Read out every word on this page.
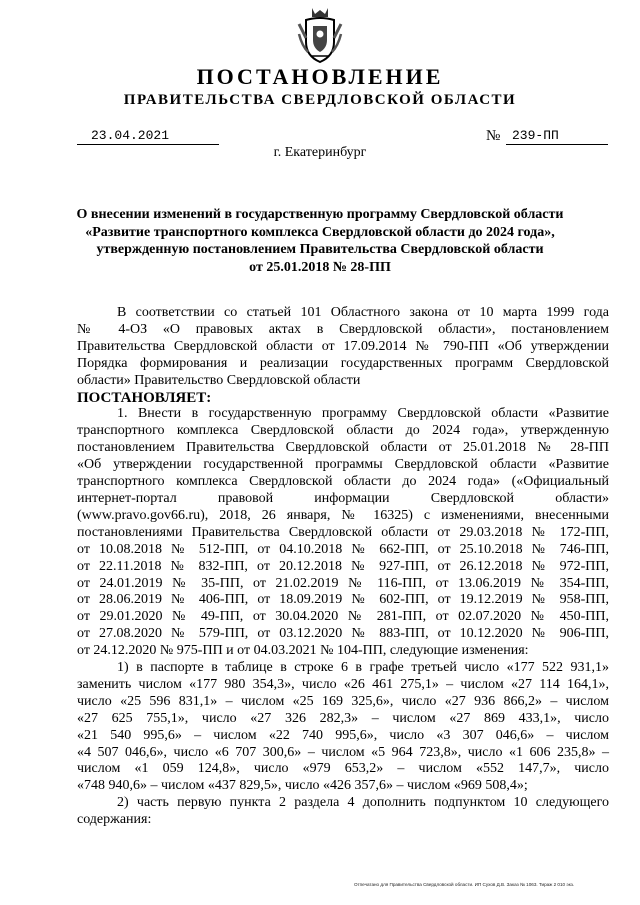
ПОСТАНОВЛЕНИЕ
ПРАВИТЕЛЬСТВА СВЕРДЛОВСКОЙ ОБЛАСТИ
23.04.2021	№ 239-ПП
г. Екатеринбург
О внесении изменений в государственную программу Свердловской области
«Развитие транспортного комплекса Свердловской области до 2024 года»,
утвержденную постановлением Правительства Свердловской области
от 25.01.2018 № 28-ПП

В соответствии со статьей 101 Областного закона от 10 марта 1999 года

№ 4-ОЗ «О правовых актах в Свердловской области», постановлением

Правительства Свердловской области от 17.09.2014 № 790-ПП «Об утверждении

Порядка формирования и реализации государственных программ Свердловской

области» Правительство Свердловской области

ПОСТАНОВЛЯЕТ:

1. Внести в государственную программу Свердловской области «Развитие

транспортного комплекса Свердловской области до 2024 года», утвержденную

постановлением Правительства Свердловской области от 25.01.2018 № 28-ПП

«Об утверждении государственной программы Свердловской области «Развитие

транспортного комплекса Свердловской области до 2024 года» («Официальный

интернет-портал правовой информации Свердловской области»

(www.pravo.gov66.ru), 2018, 26 января, № 16325) с изменениями, внесенными

постановлениями Правительства Свердловской области от 29.03.2018 № 172-ПП,

от 10.08.2018 № 512-ПП, от 04.10.2018 № 662-ПП, от 25.10.2018 № 746-ПП,

от 22.11.2018 № 832-ПП, от 20.12.2018 № 927-ПП, от 26.12.2018 № 972-ПП,

от 24.01.2019 № 35-ПП, от 21.02.2019 № 116-ПП, от 13.06.2019 № 354-ПП,

от 28.06.2019 № 406-ПП, от 18.09.2019 № 602-ПП, от 19.12.2019 № 958-ПП,

от 29.01.2020 № 49-ПП, от 30.04.2020 № 281-ПП, от 02.07.2020 № 450-ПП,

от 27.08.2020 № 579-ПП, от 03.12.2020 № 883-ПП, от 10.12.2020 № 906-ПП,

от 24.12.2020 № 975-ПП и от 04.03.2021 № 104-ПП, следующие изменения:

1) в паспорте в таблице в строке 6 в графе третьей число «177 522 931,1»

заменить числом «177 980 354,3», число «26 461 275,1» – числом «27 114 164,1»,

число «25 596 831,1» – числом «25 169 325,6», число «27 936 866,2» – числом

«27 625 755,1», число «27 326 282,3» – числом «27 869 433,1», число

«21 540 995,6» – числом «22 740 995,6», число «3 307 046,6» – числом

«4 507 046,6», число «6 707 300,6» – числом «5 964 723,8», число «1 606 235,8» –

числом «1 059 124,8», число «979 653,2» – числом «552 147,7», число

«748 940,6» – числом «437 829,5», число «426 357,6» – числом «969 508,4»;

2) часть первую пункта 2 раздела 4 дополнить подпунктом 10 следующего

содержания:

Отпечатано для Правительства Свердловской области. ИП Сухов Д.В. Заказ № 1063. Тираж 2 010 экз.
